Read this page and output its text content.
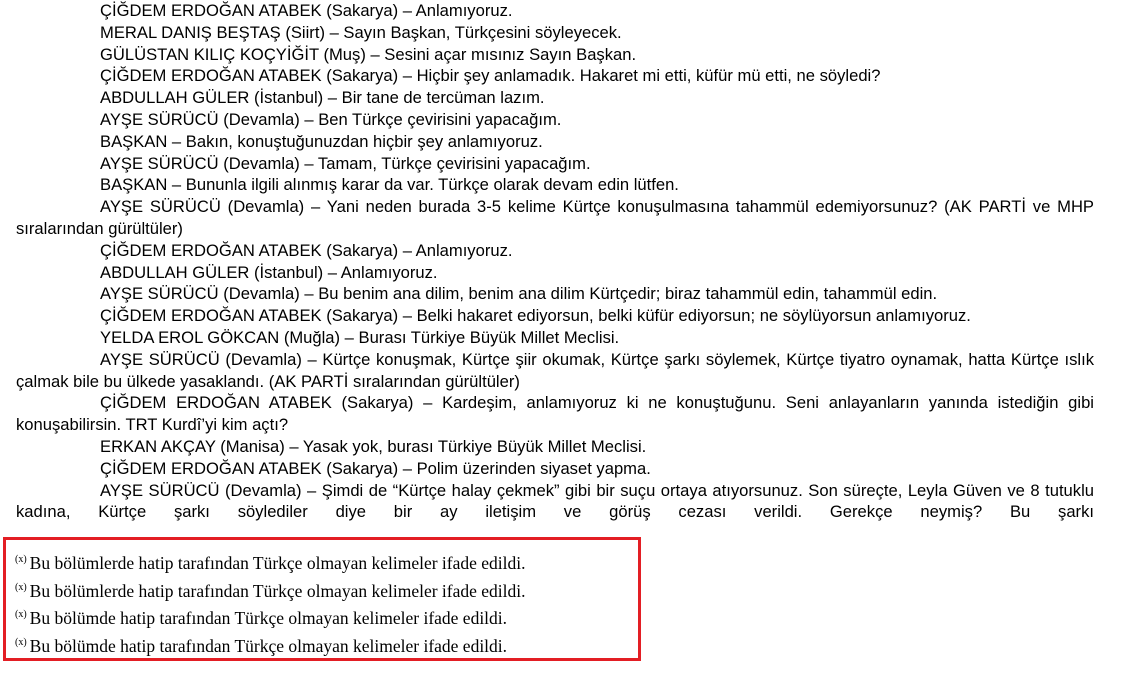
ÇİĞDEM ERDOĞAN ATABEK (Sakarya) – Anlamıyoruz.

MERAL DANIŞ BEŞTAŞ (Siirt) – Sayın Başkan, Türkçesini söyleyecek.

GÜLÜSTAN KILIÇ KOÇYİĞİT (Muş) – Sesini açar mısınız Sayın Başkan.

ÇİĞDEM ERDOĞAN ATABEK (Sakarya) – Hiçbir şey anlamadık. Hakaret mi etti, küfür mü etti, ne söyledi?

ABDULLAH GÜLER (İstanbul) – Bir tane de tercüman lazım.

AYŞE SÜRÜCÜ (Devamla) – Ben Türkçe çevirisini yapacağım.

BAŞKAN – Bakın, konuştuğunuzdan hiçbir şey anlamıyoruz.

AYŞE SÜRÜCÜ (Devamla) – Tamam, Türkçe çevirisini yapacağım.

BAŞKAN – Bununla ilgili alınmış karar da var. Türkçe olarak devam edin lütfen.

AYŞE SÜRÜCÜ (Devamla) – Yani neden burada 3-5 kelime Kürtçe konuşulmasına tahammül edemiyorsunuz? (AK PARTİ ve MHP sıralarından gürültüler)

ÇİĞDEM ERDOĞAN ATABEK (Sakarya) – Anlamıyoruz.

ABDULLAH GÜLER (İstanbul) – Anlamıyoruz.

AYŞE SÜRÜCÜ (Devamla) – Bu benim ana dilim, benim ana dilim Kürtçedir; biraz tahammül edin, tahammül edin.

ÇİĞDEM ERDOĞAN ATABEK (Sakarya) – Belki hakaret ediyorsun, belki küfür ediyorsun; ne söylüyorsun anlamıyoruz.

YELDA EROL GÖKCAN (Muğla) – Burası Türkiye Büyük Millet Meclisi.

AYŞE SÜRÜCÜ (Devamla) – Kürtçe konuşmak, Kürtçe şiir okumak, Kürtçe şarkı söylemek, Kürtçe tiyatro oynamak, hatta Kürtçe ıslık çalmak bile bu ülkede yasaklandı. (AK PARTİ sıralarından gürültüler)

ÇİĞDEM ERDOĞAN ATABEK (Sakarya) – Kardeşim, anlamıyoruz ki ne konuştuğunu. Seni anlayanların yanında istediğin gibi konuşabilirsin. TRT Kurdî’yi kim açtı?

ERKAN AKÇAY (Manisa) – Yasak yok, burası Türkiye Büyük Millet Meclisi.

ÇİĞDEM ERDOĞAN ATABEK (Sakarya) – Polim üzerinden siyaset yapma.

AYŞE SÜRÜCÜ (Devamla) – Şimdi de “Kürtçe halay çekmek” gibi bir suçu ortaya atıyorsunuz. Son süreçte, Leyla Güven ve 8 tutuklu kadına, Kürtçe şarkı söylediler diye bir ay iletişim ve görüş cezası verildi. Gerekçe neymiş? Bu şarkı

$^{(x)}$ Bu bölümlerde hatip tarafından Türkçe olmayan kelimeler ifade edildi.
$^{(x)}$ Bu bölümlerde hatip tarafından Türkçe olmayan kelimeler ifade edildi.
$^{(x)}$ Bu bölümde hatip tarafından Türkçe olmayan kelimeler ifade edildi.
$^{(x)}$ Bu bölümde hatip tarafından Türkçe olmayan kelimeler ifade edildi.
